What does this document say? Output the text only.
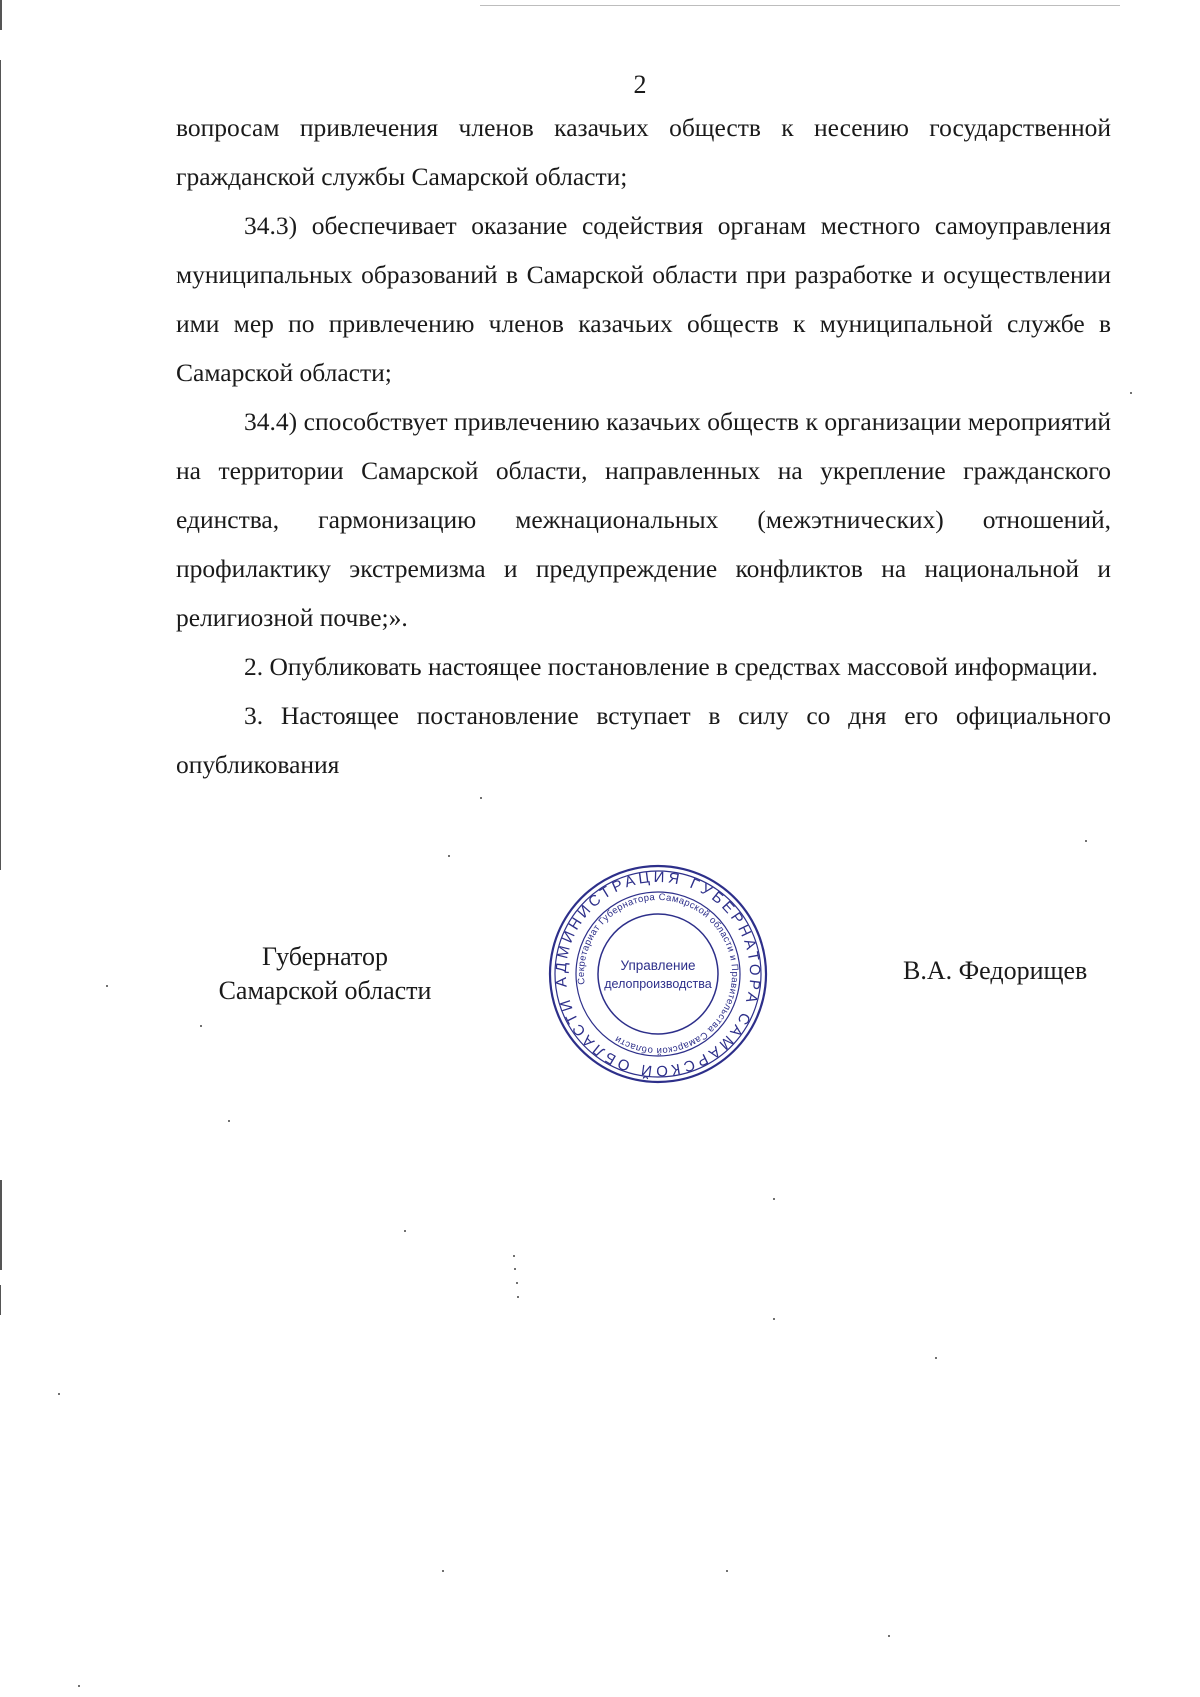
2

вопросам привлечения членов казачьих обществ к несению государственной гражданской службы Самарской области;

34.3) обеспечивает оказание содействия органам местного самоуправления муниципальных образований в Самарской области при разработке и осуществлении ими мер по привлечению членов казачьих обществ к муниципальной службе в Самарской области;

34.4) способствует привлечению казачьих обществ к организации мероприятий на территории Самарской области, направленных на укрепление гражданского единства, гармонизацию межнациональных (межэтнических) отношений, профилактику экстремизма и предупреждение конфликтов на национальной и религиозной почве;».

2. Опубликовать настоящее постановление в средствах массовой информации.

3. Настоящее постановление вступает в силу со дня его официального опубликования

Губернатор
Самарской области
В.А. Федорищев
АДМИНИСТРАЦИЯ ГУБЕРНАТОРА САМАРСКОЙ ОБЛАСТИ
Секретариат Губернатора Самарской области и Правительства Самарской области
Управление
делопроизводства
